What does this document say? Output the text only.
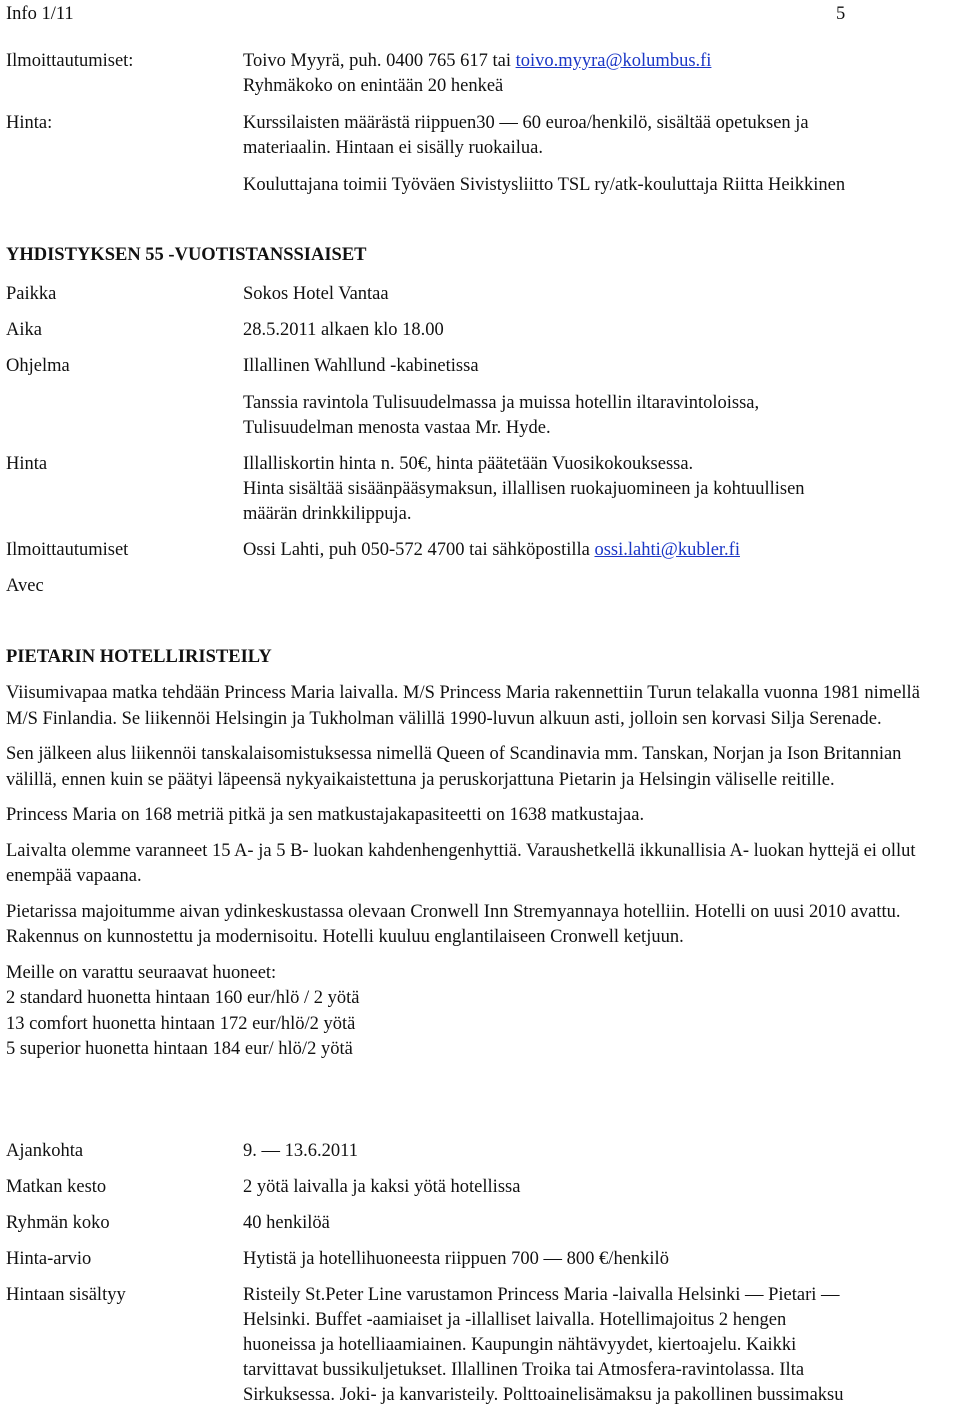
Info 1/11	5
Ilmoittautumiset:	Toivo Myyrä, puh. 0400 765 617 tai toivo.myyra@kolumbus.fi
Ryhmäkoko on enintään 20 henkeä
Hinta:	Kurssilaisten määrästä riippuen30 — 60 euroa/henkilö, sisältää opetuksen ja
materiaalin. Hintaan ei sisälly ruokailua.
Kouluttajana toimii Työväen Sivistysliitto TSL ry/atk-kouluttaja Riitta Heikkinen
YHDISTYKSEN 55 -VUOTISTANSSIAISET
Paikka	Sokos Hotel Vantaa
Aika	28.5.2011 alkaen klo 18.00
Ohjelma	Illallinen Wahllund -kabinetissa
Tanssia ravintola Tulisuudelmassa ja muissa hotellin iltaravintoloissa,
Tulisuudelman menosta vastaa Mr. Hyde.
Hinta	Illalliskortin hinta n. 50€, hinta päätetään Vuosikokouksessa.
Hinta sisältää sisäänpääsymaksun, illallisen ruokajuomineen ja kohtuullisen
määrän drinkkilippuja.
Ilmoittautumiset	Ossi Lahti, puh 050-572 4700 tai sähköpostilla ossi.lahti@kubler.fi
Avec
PIETARIN HOTELLIRISTEILY

Viisumivapaa matka tehdään Princess Maria laivalla. M/S Princess Maria rakennettiin Turun telakalla vuonna 1981 nimellä M/S Finlandia. Se liikennöi Helsingin ja Tukholman välillä 1990-luvun alkuun asti, jolloin sen korvasi Silja Serenade.

Sen jälkeen alus liikennöi tanskalaisomistuksessa nimellä Queen of Scandinavia mm. Tanskan, Norjan ja Ison Britannian välillä, ennen kuin se päätyi läpeensä nykyaikaistettuna ja peruskorjattuna Pietarin ja Helsingin väliselle reitille.

Princess Maria on 168 metriä pitkä ja sen matkustajakapasiteetti on 1638 matkustajaa.

Laivalta olemme varanneet 15 A- ja 5 B- luokan kahdenhengenhyttiä. Varaushetkellä ikkunallisia A- luokan hyttejä ei ollut enempää vapaana.

Pietarissa majoitumme aivan ydinkeskustassa olevaan Cronwell Inn Stremyannaya hotelliin. Hotelli on uusi 2010 avattu. Rakennus on kunnostettu ja modernisoitu. Hotelli kuuluu englantilaiseen Cronwell ketjuun.

Meille on varattu seuraavat huoneet:
2 standard huonetta hintaan 160 eur/hlö / 2 yötä
13 comfort huonetta hintaan 172 eur/hlö/2 yötä
5 superior huonetta hintaan 184 eur/ hlö/2 yötä
Ajankohta	9. — 13.6.2011
Matkan kesto	2 yötä laivalla ja kaksi yötä hotellissa
Ryhmän koko	40 henkilöä
Hinta-arvio	Hytistä ja hotellihuoneesta riippuen 700 — 800 €/henkilö
Hintaan sisältyy	Risteily St.Peter Line varustamon Princess Maria -laivalla Helsinki — Pietari —
Helsinki. Buffet -aamiaiset ja -illalliset laivalla. Hotellimajoitus 2 hengen
huoneissa ja hotelliaamiainen. Kaupungin nähtävyydet, kiertoajelu. Kaikki
tarvittavat bussikuljetukset. Illallinen Troika tai Atmosfera-ravintolassa. Ilta
Sirkuksessa. Joki- ja kanvaristeily. Polttoainelisämaksu ja pakollinen bussimaksu
